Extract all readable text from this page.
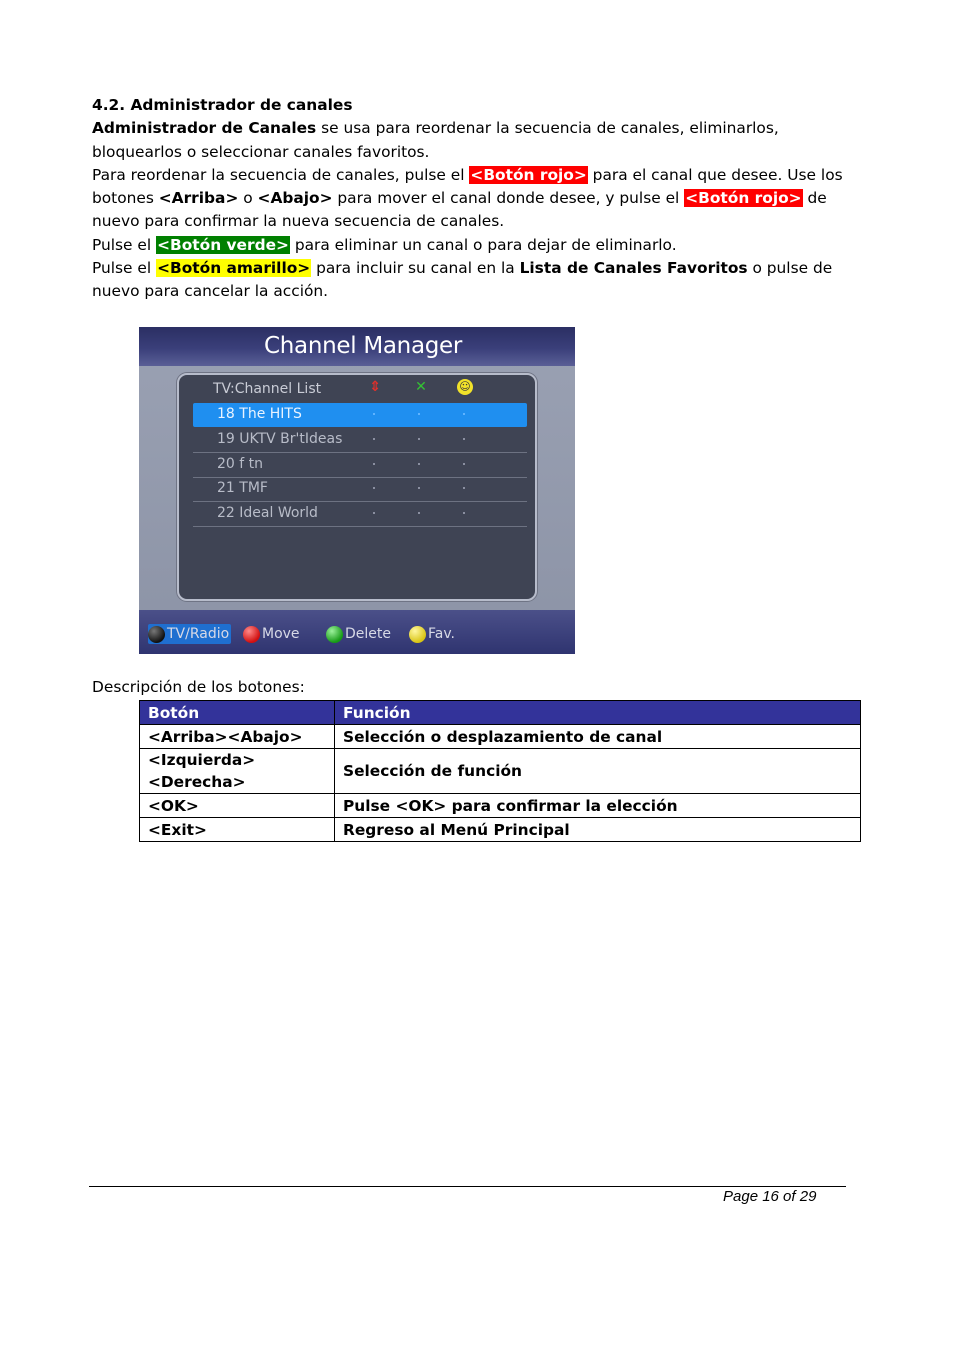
4.2. Administrador de canales

Administrador de Canales se usa para reordenar la secuencia de canales, eliminarlos, bloquearlos o seleccionar canales favoritos.

Para reordenar la secuencia de canales, pulse el <Botón rojo> para el canal que desee. Use los botones <Arriba> o <Abajo> para mover el canal donde desee, y pulse el <Botón rojo> de nuevo para confirmar la nueva secuencia de canales.

Pulse el <Botón verde> para eliminar un canal o para dejar de eliminarlo.

Pulse el <Botón amarillo> para incluir su canal en la Lista de Canales Favoritos o pulse de nuevo para cancelar la acción.

Channel Manager
TV:Channel List	⇕ ✕	☺
18 The HITS
19 UKTV Br'tIdeas
20 f tn
21 TMF
22 Ideal World
TV/Radio	Move	Delete	Fav.
Descripción de los botones:
Botón	Función
<Arriba><Abajo>	Selección o desplazamiento de canal
<Izquierda><Derecha>	Selección de función
<OK>	Pulse <OK> para confirmar la elección
<Exit>	Regreso al Menú Principal
Page 16 of 29
